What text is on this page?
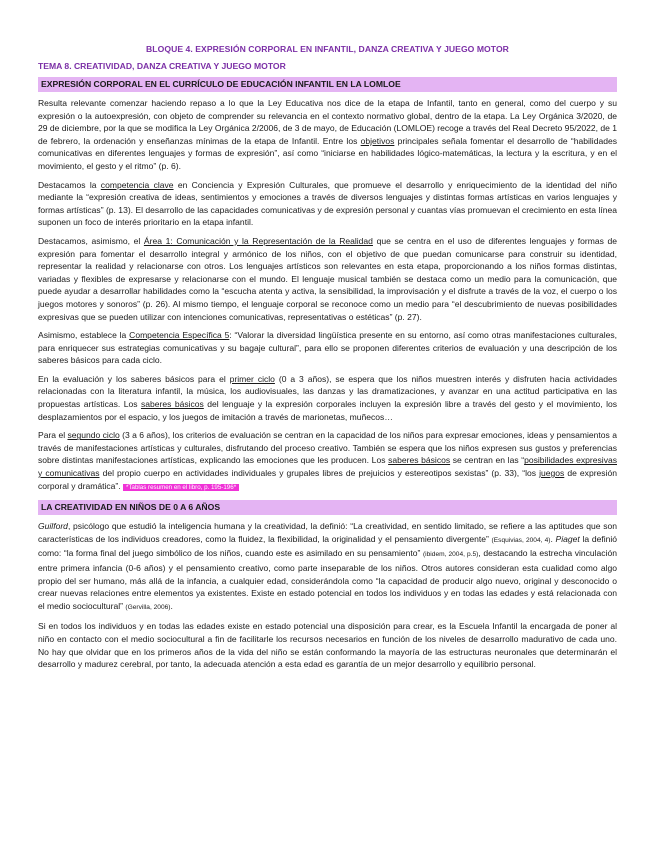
BLOQUE 4. EXPRESIÓN CORPORAL EN INFANTIL, DANZA CREATIVA Y JUEGO MOTOR
TEMA 8. CREATIVIDAD, DANZA CREATIVA Y JUEGO MOTOR
EXPRESIÓN CORPORAL EN EL CURRÍCULO DE EDUCACIÓN INFANTIL EN LA LOMLOE

Resulta relevante comenzar haciendo repaso a lo que la Ley Educativa nos dice de la etapa de Infantil, tanto en general, como del cuerpo y su expresión o la autoexpresión, con objeto de comprender su relevancia en el contexto normativo global, dentro de la etapa. La Ley Orgánica 3/2020, de 29 de diciembre, por la que se modifica la Ley Orgánica 2/2006, de 3 de mayo, de Educación (LOMLOE) recoge a través del Real Decreto 95/2022, de 1 de febrero, la ordenación y enseñanzas mínimas de la etapa de Infantil. Entre los objetivos principales señala fomentar el desarrollo de “habilidades comunicativas en diferentes lenguajes y formas de expresión”, así como “iniciarse en habilidades lógico-matemáticas, la lectura y la escritura, y en el movimiento, el gesto y el ritmo” (p. 6).

Destacamos la competencia clave en Conciencia y Expresión Culturales, que promueve el desarrollo y enriquecimiento de la identidad del niño mediante la “expresión creativa de ideas, sentimientos y emociones a través de diversos lenguajes y distintas formas artísticas en varios lenguajes y formas artísticas” (p. 13). El desarrollo de las capacidades comunicativas y de expresión personal y cuantas vías promuevan el crecimiento en esta línea suponen un foco de interés prioritario en la etapa infantil.

Destacamos, asimismo, el Área 1: Comunicación y la Representación de la Realidad que se centra en el uso de diferentes lenguajes y formas de expresión para fomentar el desarrollo integral y armónico de los niños, con el objetivo de que puedan comunicarse para construir su identidad, representar la realidad y relacionarse con otros. Los lenguajes artísticos son relevantes en esta etapa, proporcionando a los niños formas distintas, variadas y flexibles de expresarse y relacionarse con el mundo. El lenguaje musical también se destaca como un medio para la comunicación, que puede ayudar a desarrollar habilidades como la “escucha atenta y activa, la sensibilidad, la improvisación y el disfrute a través de la voz, el cuerpo o los juegos motores y sonoros” (p. 26). Al mismo tiempo, el lenguaje corporal se reconoce como un medio para “el descubrimiento de nuevas posibilidades expresivas que se pueden utilizar con intenciones comunicativas, representativas o estéticas” (p. 27).

Asimismo, establece la Competencia Específica 5: “Valorar la diversidad lingüística presente en su entorno, así como otras manifestaciones culturales, para enriquecer sus estrategias comunicativas y su bagaje cultural”, para ello se proponen diferentes criterios de evaluación y una descripción de los saberes básicos para cada ciclo.

En la evaluación y los saberes básicos para el primer ciclo (0 a 3 años), se espera que los niños muestren interés y disfruten hacia actividades relacionadas con la literatura infantil, la música, los audiovisuales, las danzas y las dramatizaciones, y avanzar en una actitud participativa en las propuestas artísticas. Los saberes básicos del lenguaje y la expresión corporales incluyen la expresión libre a través del gesto y el movimiento, los desplazamientos por el espacio, y los juegos de imitación a través de marionetas, muñecos…

Para el segundo ciclo (3 a 6 años), los criterios de evaluación se centran en la capacidad de los niños para expresar emociones, ideas y pensamientos a través de manifestaciones artísticas y culturales, disfrutando del proceso creativo. También se espera que los niños expresen sus gustos y preferencias sobre distintas manifestaciones artísticas, explicando las emociones que les producen. Los saberes básicos se centran en las “posibilidades expresivas y comunicativas del propio cuerpo en actividades individuales y grupales libres de prejuicios y estereotipos sexistas” (p. 33), “los juegos de expresión corporal y dramática”. *Tablas resumen en el libro, p. 195-196*

LA CREATIVIDAD EN NIÑOS DE 0 A 6 AÑOS

Guilford, psicólogo que estudió la inteligencia humana y la creatividad, la definió: “La creatividad, en sentido limitado, se refiere a las aptitudes que son características de los individuos creadores, como la fluidez, la flexibilidad, la originalidad y el pensamiento divergente” (Esquivias, 2004, 4). Piaget la definió como: “la forma final del juego simbólico de los niños, cuando este es asimilado en su pensamiento” (ibidem, 2004, p.5), destacando la estrecha vinculación entre primera infancia (0-6 años) y el pensamiento creativo, como parte inseparable de los niños. Otros autores consideran esta cualidad como algo propio del ser humano, más allá de la infancia, a cualquier edad, considerándola como “la capacidad de producir algo nuevo, original y desconocido o crear nuevas relaciones entre elementos ya existentes. Existe en estado potencial en todos los individuos y en todas las edades y está relacionada con el medio sociocultural” (Gervilla, 2006).

Si en todos los individuos y en todas las edades existe en estado potencial una disposición para crear, es la Escuela Infantil la encargada de poner al niño en contacto con el medio sociocultural a fin de facilitarle los recursos necesarios en función de los niveles de desarrollo madurativo de cada uno. No hay que olvidar que en los primeros años de la vida del niño se están conformando la mayoría de las estructuras neuronales que determinarán el desarrollo y madurez cerebral, por tanto, la adecuada atención a esta edad es garantía de un mejor desarrollo y equilibrio personal.
